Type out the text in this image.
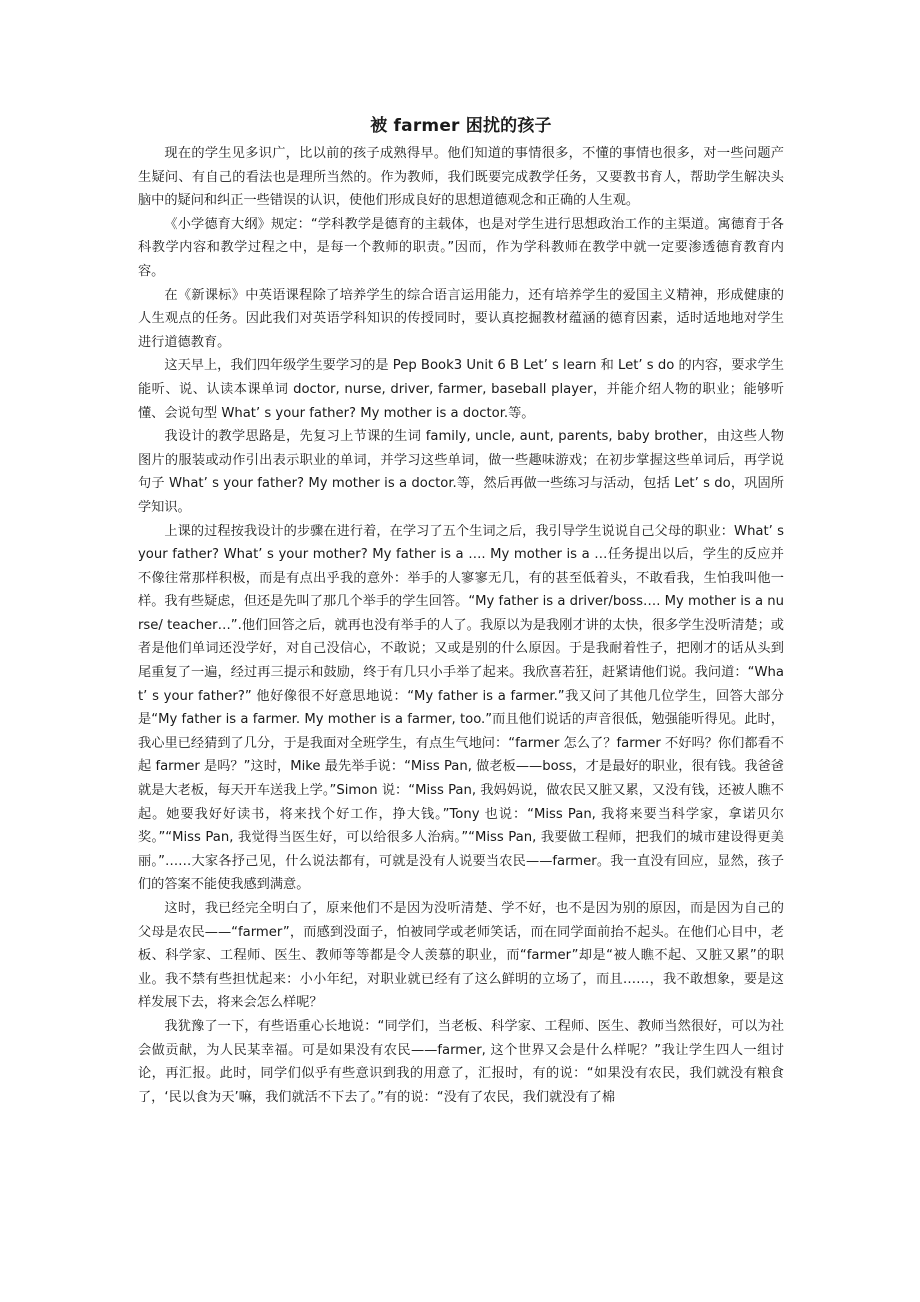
被 farmer 困扰的孩子

现在的学生见多识广，比以前的孩子成熟得早。他们知道的事情很多，不懂的事情也很多，对一些问题产生疑问、有自己的看法也是理所当然的。作为教师，我们既要完成教学任务，又要教书育人，帮助学生解决头脑中的疑问和纠正一些错误的认识，使他们形成良好的思想道德观念和正确的人生观。

《小学德育大纲》规定：“学科教学是德育的主载体，也是对学生进行思想政治工作的主渠道。寓德育于各科教学内容和教学过程之中，是每一个教师的职责。”因而，作为学科教师在教学中就一定要渗透德育教育内容。

在《新课标》中英语课程除了培养学生的综合语言运用能力，还有培养学生的爱国主义精神，形成健康的人生观点的任务。因此我们对英语学科知识的传授同时，要认真挖掘教材蕴涵的德育因素，适时适地地对学生进行道德教育。

这天早上，我们四年级学生要学习的是 Pep Book3 Unit 6 B Let’ s learn 和 Let’ s do 的内容，要求学生能听、说、认读本课单词 doctor, nurse, driver, farmer, baseball player，并能介绍人物的职业；能够听懂、会说句型 What’ s your father? My mother is a doctor.等。

我设计的教学思路是，先复习上节课的生词 family, uncle, aunt, parents, baby brother，由这些人物图片的服装或动作引出表示职业的单词，并学习这些单词，做一些趣味游戏；在初步掌握这些单词后，再学说句子 What’ s your father? My mother is a doctor.等，然后再做一些练习与活动，包括 Let’ s do，巩固所学知识。

上课的过程按我设计的步骤在进行着，在学习了五个生词之后，我引导学生说说自己父母的职业：What’ s your father? What’ s your mother? My father is a …. My mother is a …任务提出以后，学生的反应并不像往常那样积极，而是有点出乎我的意外：举手的人寥寥无几，有的甚至低着头，不敢看我，生怕我叫他一样。我有些疑虑，但还是先叫了那几个举手的学生回答。“My father is a driver/boss…. My mother is a nurse/ teacher…”.他们回答之后，就再也没有举手的人了。我原以为是我刚才讲的太快，很多学生没听清楚；或者是他们单词还没学好，对自己没信心，不敢说；又或是别的什么原因。于是我耐着性子，把刚才的话从头到尾重复了一遍，经过再三提示和鼓励，终于有几只小手举了起来。我欣喜若狂，赶紧请他们说。我问道：“What’ s your father?” 他好像很不好意思地说：“My father is a farmer.”我又问了其他几位学生，回答大部分是“My father is a farmer. My mother is a farmer, too.”而且他们说话的声音很低，勉强能听得见。此时，我心里已经猜到了几分，于是我面对全班学生，有点生气地问：“farmer 怎么了？farmer 不好吗？你们都看不起 farmer 是吗？”这时，Mike 最先举手说：“Miss Pan, 做老板——boss，才是最好的职业，很有钱。我爸爸就是大老板，每天开车送我上学。”Simon 说：“Miss Pan, 我妈妈说，做农民又脏又累，又没有钱，还被人瞧不起。她要我好好读书，将来找个好工作，挣大钱。”Tony 也说：“Miss Pan, 我将来要当科学家，拿诺贝尔奖。”“Miss Pan, 我觉得当医生好，可以给很多人治病。”“Miss Pan, 我要做工程师，把我们的城市建设得更美丽。”……大家各抒己见，什么说法都有，可就是没有人说要当农民——farmer。我一直没有回应，显然，孩子们的答案不能使我感到满意。

这时，我已经完全明白了，原来他们不是因为没听清楚、学不好，也不是因为别的原因，而是因为自己的父母是农民——“farmer”，而感到没面子，怕被同学或老师笑话，而在同学面前抬不起头。在他们心目中，老板、科学家、工程师、医生、教师等等都是令人羡慕的职业，而“farmer”却是“被人瞧不起、又脏又累”的职业。我不禁有些担忧起来：小小年纪，对职业就已经有了这么鲜明的立场了，而且……，我不敢想象，要是这样发展下去，将来会怎么样呢？

我犹豫了一下，有些语重心长地说：“同学们，当老板、科学家、工程师、医生、教师当然很好，可以为社会做贡献，为人民某幸福。可是如果没有农民——farmer, 这个世界又会是什么样呢？”我让学生四人一组讨论，再汇报。此时，同学们似乎有些意识到我的用意了，汇报时，有的说：“如果没有农民，我们就没有粮食了，‘民以食为天’嘛，我们就活不下去了。”有的说：“没有了农民，我们就没有了棉
